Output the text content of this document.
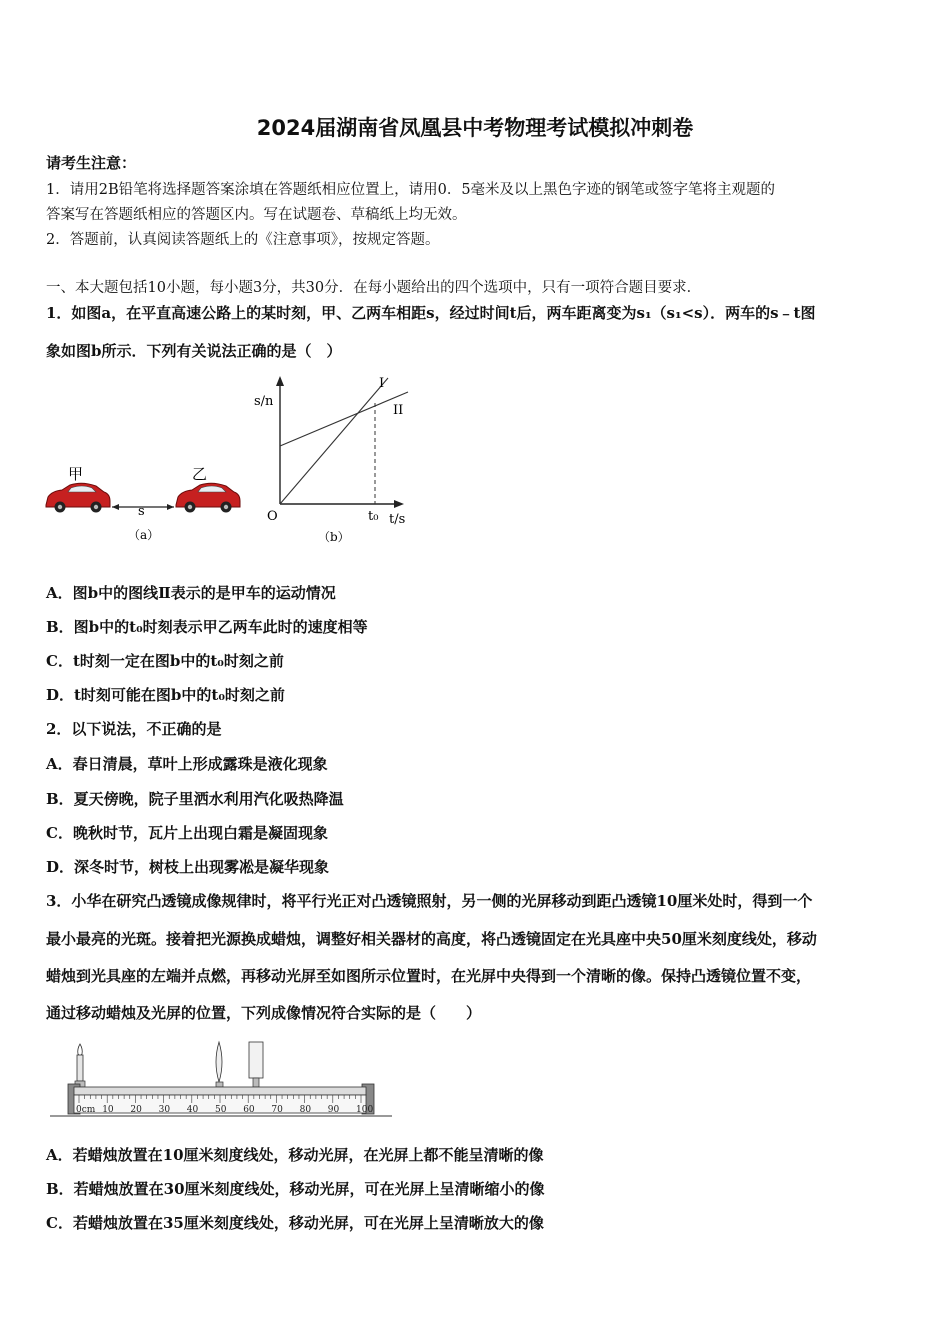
2024届湖南省凤凰县中考物理考试模拟冲刺卷
请考生注意：
1．请用2B铅笔将选择题答案涂填在答题纸相应位置上，请用0．5毫米及以上黑色字迹的钢笔或签字笔将主观题的
答案写在答题纸相应的答题区内。写在试题卷、草稿纸上均无效。
2．答题前，认真阅读答题纸上的《注意事项》，按规定答题。
一、本大题包括10小题，每小题3分，共30分．在每小题给出的四个选项中，只有一项符合题目要求．
1．如图a，在平直高速公路上的某时刻，甲、乙两车相距s，经过时间t后，两车距离变为s₁（s₁<s）．两车的s﹣t图
象如图b所示．下列有关说法正确的是（　）
甲	乙
s
（a）
s/n
t/s
O	t₀
I
II
（b）
A．图b中的图线Ⅱ表示的是甲车的运动情况
B．图b中的t₀时刻表示甲乙两车此时的速度相等
C．t时刻一定在图b中的t₀时刻之前
D．t时刻可能在图b中的t₀时刻之前
2．以下说法，不正确的是
A．春日清晨，草叶上形成露珠是液化现象
B．夏天傍晚，院子里洒水利用汽化吸热降温
C．晚秋时节，瓦片上出现白霜是凝固现象
D．深冬时节，树枝上出现雾凇是凝华现象
3．小华在研究凸透镜成像规律时，将平行光正对凸透镜照射，另一侧的光屏移动到距凸透镜10厘米处时，得到一个
最小最亮的光斑。接着把光源换成蜡烛，调整好相关器材的高度，将凸透镜固定在光具座中央50厘米刻度线处，移动
蜡烛到光具座的左端并点燃，再移动光屏至如图所示位置时，在光屏中央得到一个清晰的像。保持凸透镜位置不变，
通过移动蜡烛及光屏的位置，下列成像情况符合实际的是（　　）
0cm 10 20 30 40 50 60 70 80 90 100
A．若蜡烛放置在10厘米刻度线处，移动光屏，在光屏上都不能呈清晰的像
B．若蜡烛放置在30厘米刻度线处，移动光屏，可在光屏上呈清晰缩小的像
C．若蜡烛放置在35厘米刻度线处，移动光屏，可在光屏上呈清晰放大的像
